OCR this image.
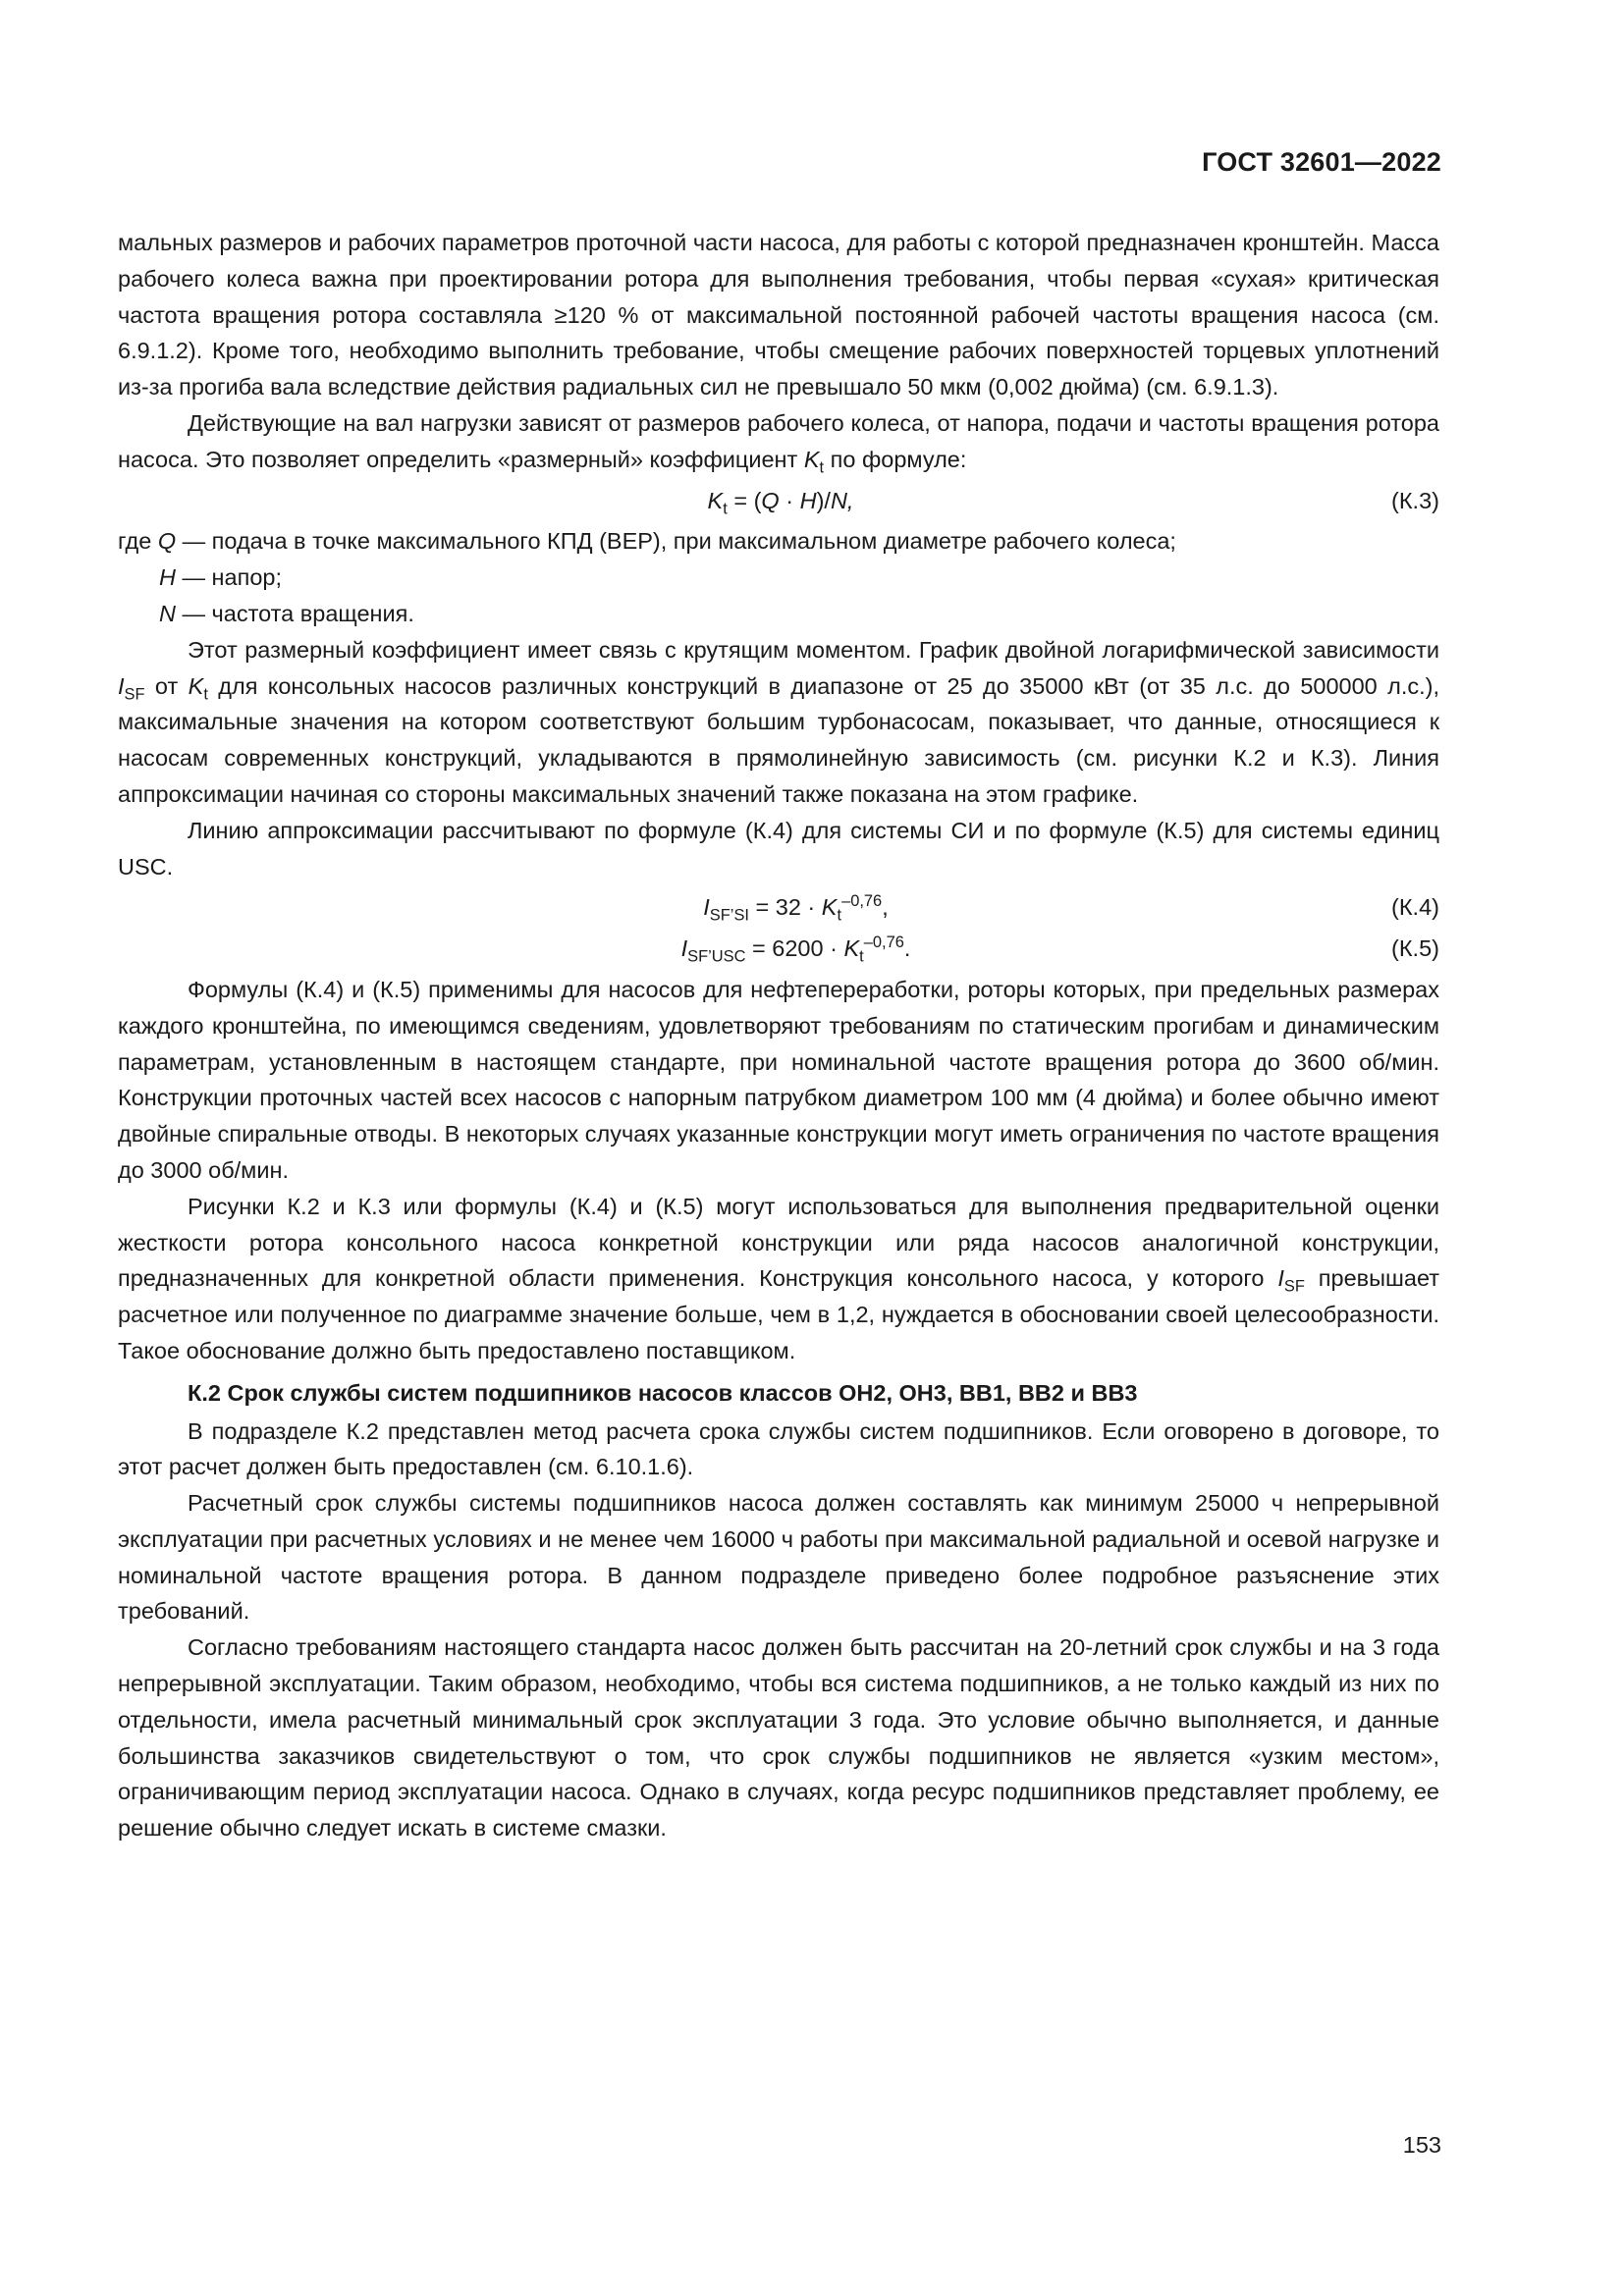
ГОСТ 32601—2022

мальных размеров и рабочих параметров проточной части насоса, для работы с которой предназначен кронштейн. Масса рабочего колеса важна при проектировании ротора для выполнения требования, чтобы первая «сухая» критическая частота вращения ротора составляла ≥120 % от максимальной постоянной рабочей частоты вращения насоса (см. 6.9.1.2). Кроме того, необходимо выполнить требование, чтобы смещение рабочих поверхностей торцевых уплотнений из-за прогиба вала вследствие действия радиальных сил не превышало 50 мкм (0,002 дюйма) (см. 6.9.1.3).

Действующие на вал нагрузки зависят от размеров рабочего колеса, от напора, подачи и частоты вращения ротора насоса. Это позволяет определить «размерный» коэффициент $K_t$ по формуле:

$K_t = (Q \cdot H)/N$,	(К.3)

где Q — подача в точке максимального КПД (ВЕР), при максимальном диаметре рабочего колеса;

H — напор;

N — частота вращения.

Этот размерный коэффициент имеет связь с крутящим моментом. График двойной логарифмической зависимости $I_{SF}$ от $K_t$ для консольных насосов различных конструкций в диапазоне от 25 до 35000 кВт (от 35 л.с. до 500000 л.с.), максимальные значения на котором соответствуют большим турбонасосам, показывает, что данные, относящиеся к насосам современных конструкций, укладываются в прямолинейную зависимость (см. рисунки К.2 и К.3). Линия аппроксимации начиная со стороны максимальных значений также показана на этом графике.

Линию аппроксимации рассчитывают по формуле (К.4) для системы СИ и по формуле (К.5) для системы единиц USC.

$I_{SF’SI} = 32 \cdot K_t^{-0,76}$,	(К.4)
$I_{SF’USC} = 6200 \cdot K_t^{-0,76}$.	(К.5)

Формулы (К.4) и (К.5) применимы для насосов для нефтепереработки, роторы которых, при предельных размерах каждого кронштейна, по имеющимся сведениям, удовлетворяют требованиям по статическим прогибам и динамическим параметрам, установленным в настоящем стандарте, при номинальной частоте вращения ротора до 3600 об/мин. Конструкции проточных частей всех насосов с напорным патрубком диаметром 100 мм (4 дюйма) и более обычно имеют двойные спиральные отводы. В некоторых случаях указанные конструкции могут иметь ограничения по частоте вращения до 3000 об/мин.

Рисунки К.2 и К.3 или формулы (К.4) и (К.5) могут использоваться для выполнения предварительной оценки жесткости ротора консольного насоса конкретной конструкции или ряда насосов аналогичной конструкции, предназначенных для конкретной области применения. Конструкция консольного насоса, у которого $I_{SF}$ превышает расчетное или полученное по диаграмме значение больше, чем в 1,2, нуждается в обосновании своей целесообразности. Такое обоснование должно быть предоставлено поставщиком.

К.2 Срок службы систем подшипников насосов классов ОН2, ОН3, ВВ1, ВВ2 и ВВ3

В подразделе К.2 представлен метод расчета срока службы систем подшипников. Если оговорено в договоре, то этот расчет должен быть предоставлен (см. 6.10.1.6).

Расчетный срок службы системы подшипников насоса должен составлять как минимум 25000 ч непрерывной эксплуатации при расчетных условиях и не менее чем 16000 ч работы при максимальной радиальной и осевой нагрузке и номинальной частоте вращения ротора. В данном подразделе приведено более подробное разъяснение этих требований.

Согласно требованиям настоящего стандарта насос должен быть рассчитан на 20-летний срок службы и на 3 года непрерывной эксплуатации. Таким образом, необходимо, чтобы вся система подшипников, а не только каждый из них по отдельности, имела расчетный минимальный срок эксплуатации 3 года. Это условие обычно выполняется, и данные большинства заказчиков свидетельствуют о том, что срок службы подшипников не является «узким местом», ограничивающим период эксплуатации насоса. Однако в случаях, когда ресурс подшипников представляет проблему, ее решение обычно следует искать в системе смазки.

153
